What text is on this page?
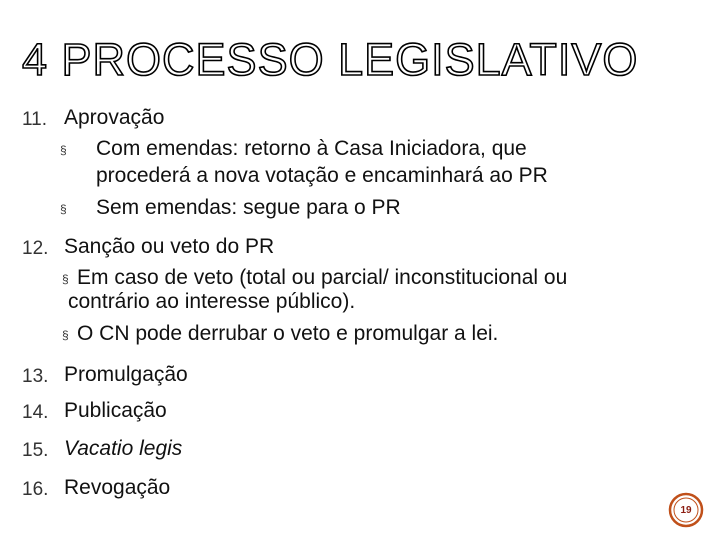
4 PROCESSO LEGISLATIVO
11. Aprovação
§ Com emendas: retorno à Casa Iniciadora, que
procederá a nova votação e encaminhará ao PR
§ Sem emendas: segue para o PR
12. Sanção ou veto do PR
§ Em caso de veto (total ou parcial/ inconstitucional ou
contrário ao interesse público).
§ O CN pode derrubar o veto e promulgar a lei.
13. Promulgação
14. Publicação
15. Vacatio legis
16. Revogação
19
